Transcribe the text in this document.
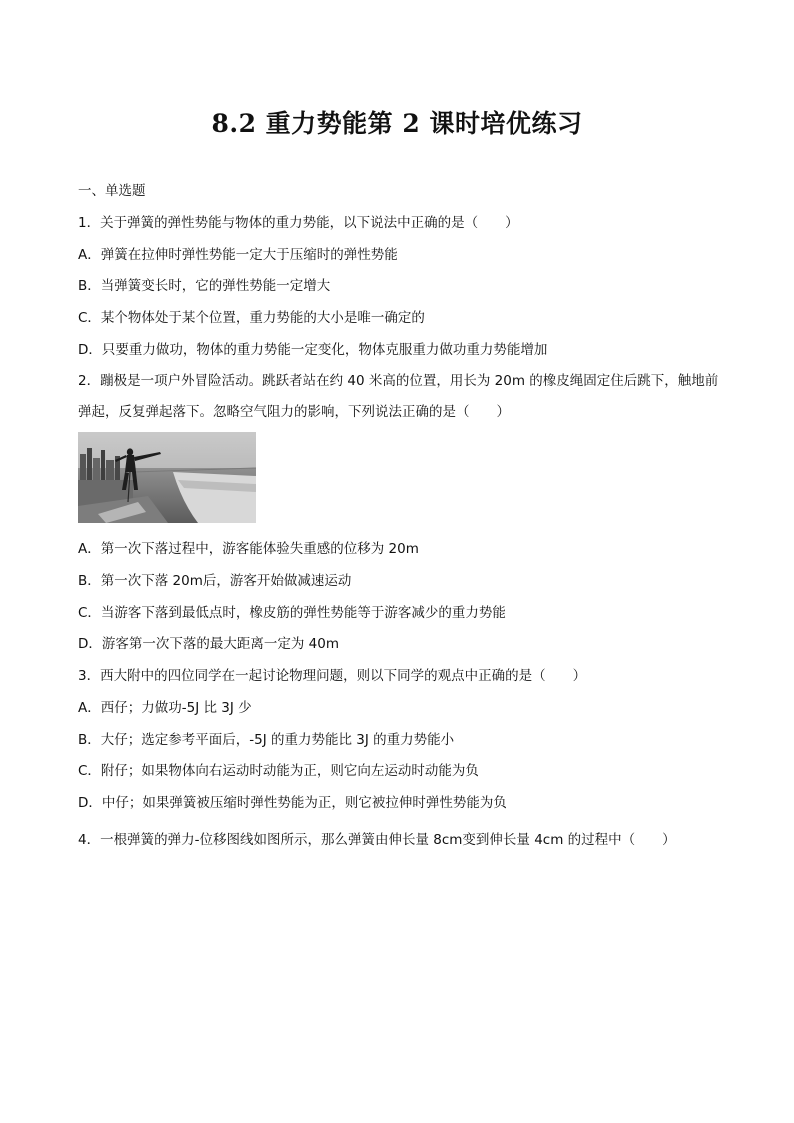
8.2 重力势能第 2 课时培优练习
一、单选题
1．关于弹簧的弹性势能与物体的重力势能，以下说法中正确的是（　　）
A．弹簧在拉伸时弹性势能一定大于压缩时的弹性势能
B．当弹簧变长时，它的弹性势能一定增大
C．某个物体处于某个位置，重力势能的大小是唯一确定的
D．只要重力做功，物体的重力势能一定变化，物体克服重力做功重力势能增加
2．蹦极是一项户外冒险活动。跳跃者站在约 40 米高的位置，用长为 20m 的橡皮绳固定住后跳下，触地前
弹起，反复弹起落下。忽略空气阻力的影响，下列说法正确的是（　　）
A．第一次下落过程中，游客能体验失重感的位移为 20m
B．第一次下落 20m后，游客开始做减速运动
C．当游客下落到最低点时，橡皮筋的弹性势能等于游客减少的重力势能
D．游客第一次下落的最大距离一定为 40m
3．西大附中的四位同学在一起讨论物理问题，则以下同学的观点中正确的是（　　）
A．西仔；力做功-5J 比 3J 少
B．大仔；选定参考平面后，-5J 的重力势能比 3J 的重力势能小
C．附仔；如果物体向右运动时动能为正，则它向左运动时动能为负
D．中仔；如果弹簧被压缩时弹性势能为正，则它被拉伸时弹性势能为负
4．一根弹簧的弹力-位移图线如图所示，那么弹簧由伸长量 8cm变到伸长量 4cm 的过程中（　　）
